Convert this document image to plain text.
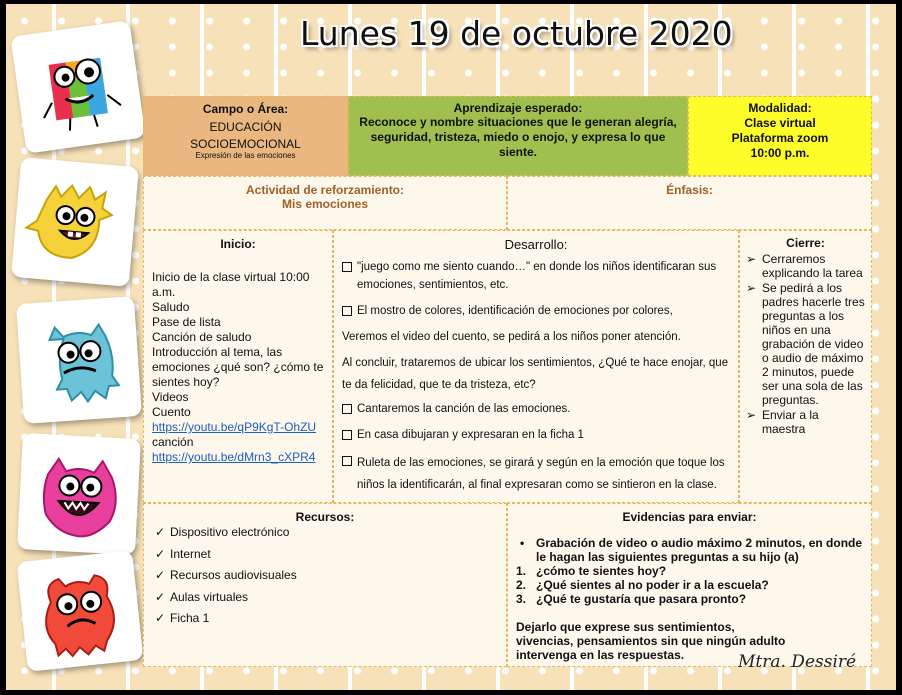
Lunes 19 de octubre 2020
Campo o Área:
EDUCACIÓN
SOCIOEMOCIONAL
Expresión de las emociones
Aprendizaje esperado:
Reconoce y nombre situaciones que le generan alegría, seguridad, tristeza, miedo o enojo, y expresa lo que siente.
Modalidad:
Clase virtual
Plataforma zoom
10:00 p.m.
Actividad de reforzamiento:
Mis emociones
Énfasis:
Inicio:
Inicio de la clase virtual 10:00 a.m.
Saludo
Pase de lista
Canción de saludo
Introducción al tema, las emociones ¿qué son? ¿cómo te sientes hoy?
Videos
Cuento
https://youtu.be/qP9KgT-OhZU
canción
https://youtu.be/dMrn3_cXPR4
Desarrollo:
"juego como me siento cuando…" en donde los niños identificaran sus emociones, sentimientos, etc.
El mostro de colores, identificación de emociones por colores,
Veremos el video del cuento, se pedirá a los niños poner atención.
Al concluir, trataremos de ubicar los sentimientos, ¿Qué te hace enojar, que te da felicidad, que te da tristeza, etc?
Cantaremos la canción de las emociones.
En casa dibujaran y expresaran en la ficha 1
Ruleta de las emociones, se girará y según en la emoción que toque los niños la identificarán, al final expresaran como se sintieron en la clase.
Cierre:
➢ Cerraremos explicando la tarea
➢ Se pedirá a los padres hacerle tres preguntas a los niños en una grabación de video o audio de máximo 2 minutos, puede ser una sola de las preguntas.
➢ Enviar a la maestra
Recursos:
✓ Dispositivo electrónico
✓ Internet
✓ Recursos audiovisuales
✓ Aulas virtuales
✓ Ficha 1
Evidencias para enviar:
• Grabación de video o audio máximo 2 minutos, en donde le hagan las siguientes preguntas a su hijo (a)
1. ¿cómo te sientes hoy?
2. ¿Qué sientes al no poder ir a la escuela?
3. ¿Qué te gustaría que pasara pronto?
Dejarlo que exprese sus sentimientos, vivencias, pensamientos sin que ningún adulto intervenga en las respuestas.	Mtra. Dessiré
